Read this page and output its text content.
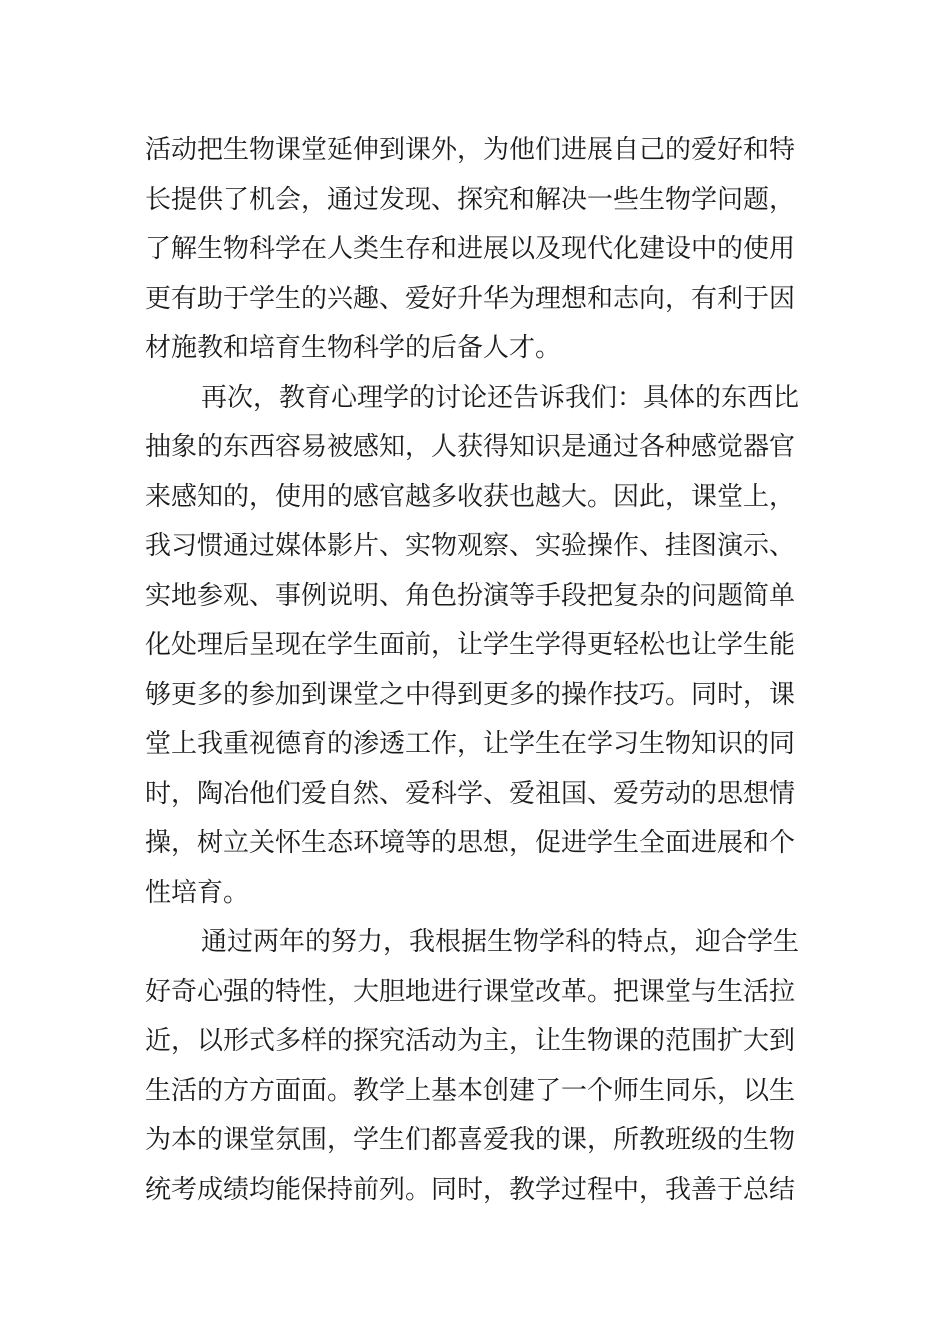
活动把生物课堂延伸到课外，为他们进展自己的爱好和特
长提供了机会，通过发现、探究和解决一些生物学问题，
了解生物科学在人类生存和进展以及现代化建设中的使用
更有助于学生的兴趣、爱好升华为理想和志向，有利于因
材施教和培育生物科学的后备人才。
再次，教育心理学的讨论还告诉我们：具体的东西比
抽象的东西容易被感知，人获得知识是通过各种感觉器官
来感知的，使用的感官越多收获也越大。因此，课堂上，
我习惯通过媒体影片、实物观察、实验操作、挂图演示、
实地参观、事例说明、角色扮演等手段把复杂的问题简单
化处理后呈现在学生面前，让学生学得更轻松也让学生能
够更多的参加到课堂之中得到更多的操作技巧。同时，课
堂上我重视德育的渗透工作，让学生在学习生物知识的同
时，陶冶他们爱自然、爱科学、爱祖国、爱劳动的思想情
操，树立关怀生态环境等的思想，促进学生全面进展和个
性培育。
通过两年的努力，我根据生物学科的特点，迎合学生
好奇心强的特性，大胆地进行课堂改革。把课堂与生活拉
近，以形式多样的探究活动为主，让生物课的范围扩大到
生活的方方面面。教学上基本创建了一个师生同乐，以生
为本的课堂氛围，学生们都喜爱我的课，所教班级的生物
统考成绩均能保持前列。同时，教学过程中，我善于总结
